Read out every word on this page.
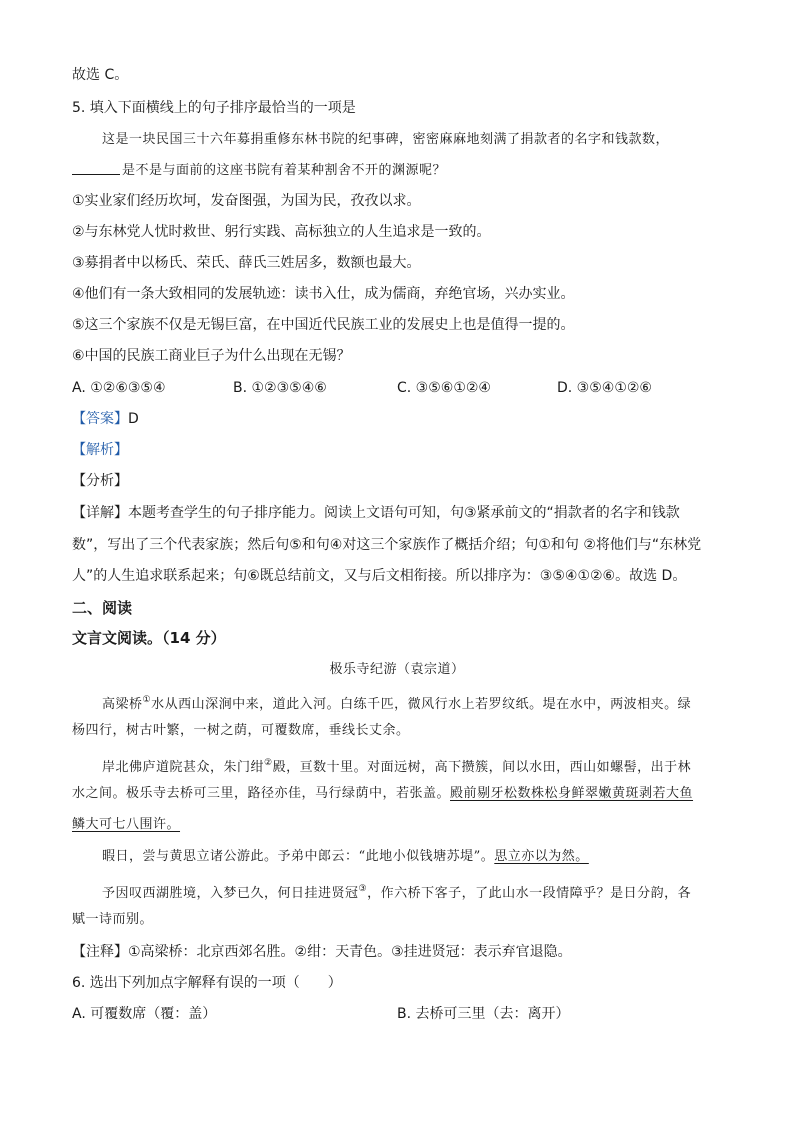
故选 C。
5. 填入下面横线上的句子排序最恰当的一项是
这是一块民国三十六年募捐重修东林书院的纪事碑，密密麻麻地刻满了捐款者的名字和钱款数，
是不是与面前的这座书院有着某种割舍不开的渊源呢？
①实业家们经历坎坷，发奋图强，为国为民，孜孜以求。
②与东林党人忧时救世、躬行实践、高标独立的人生追求是一致的。
③募捐者中以杨氏、荣氏、薛氏三姓居多，数额也最大。
④他们有一条大致相同的发展轨迹：读书入仕，成为儒商，弃绝官场，兴办实业。
⑤这三个家族不仅是无锡巨富，在中国近代民族工业的发展史上也是值得一提的。
⑥中国的民族工商业巨子为什么出现在无锡？
A. ①②⑥③⑤④	B. ①②③⑤④⑥	C. ③⑤⑥①②④	D. ③⑤④①②⑥
【答案】D
【解析】
【分析】
【详解】本题考查学生的句子排序能力。阅读上文语句可知，句③紧承前文的“捐款者的名字和钱款
数”，写出了三个代表家族；然后句⑤和句④对这三个家族作了概括介绍；句①和句 ②将他们与“东林党
人”的人生追求联系起来；句⑥既总结前文，又与后文相衔接。所以排序为：③⑤④①②⑥。故选 D。
二、阅读
文言文阅读。（14 分）
极乐寺纪游（袁宗道）
高梁桥①水从西山深涧中来，道此入河。白练千匹，微风行水上若罗纹纸。堤在水中，两波相夹。绿
杨四行，树古叶繁，一树之荫，可覆数席，垂线长丈余。
岸北佛庐道院甚众，朱门绀②殿，亘数十里。对面远树，高下攒簇，间以水田，西山如螺髻，出于林
水之间。极乐寺去桥可三里，路径亦佳，马行绿荫中，若张盖。殿前剔牙松数株松身鲜翠嫩黄斑剥若大鱼
鳞大可七八围许。
暇日，尝与黄思立诸公游此。予弟中郎云：“此地小似钱塘苏堤”。思立亦以为然。
予因叹西湖胜境，入梦已久，何日挂进贤冠③，作六桥下客子，了此山水一段情障乎？是日分韵，各
赋一诗而别。
【注释】①高梁桥：北京西郊名胜。②绀：天青色。③挂进贤冠：表示弃官退隐。
6. 选出下列加点字解释有误的一项（　　）
A. 可覆数席（覆：盖）	B. 去桥可三里（去：离开）
